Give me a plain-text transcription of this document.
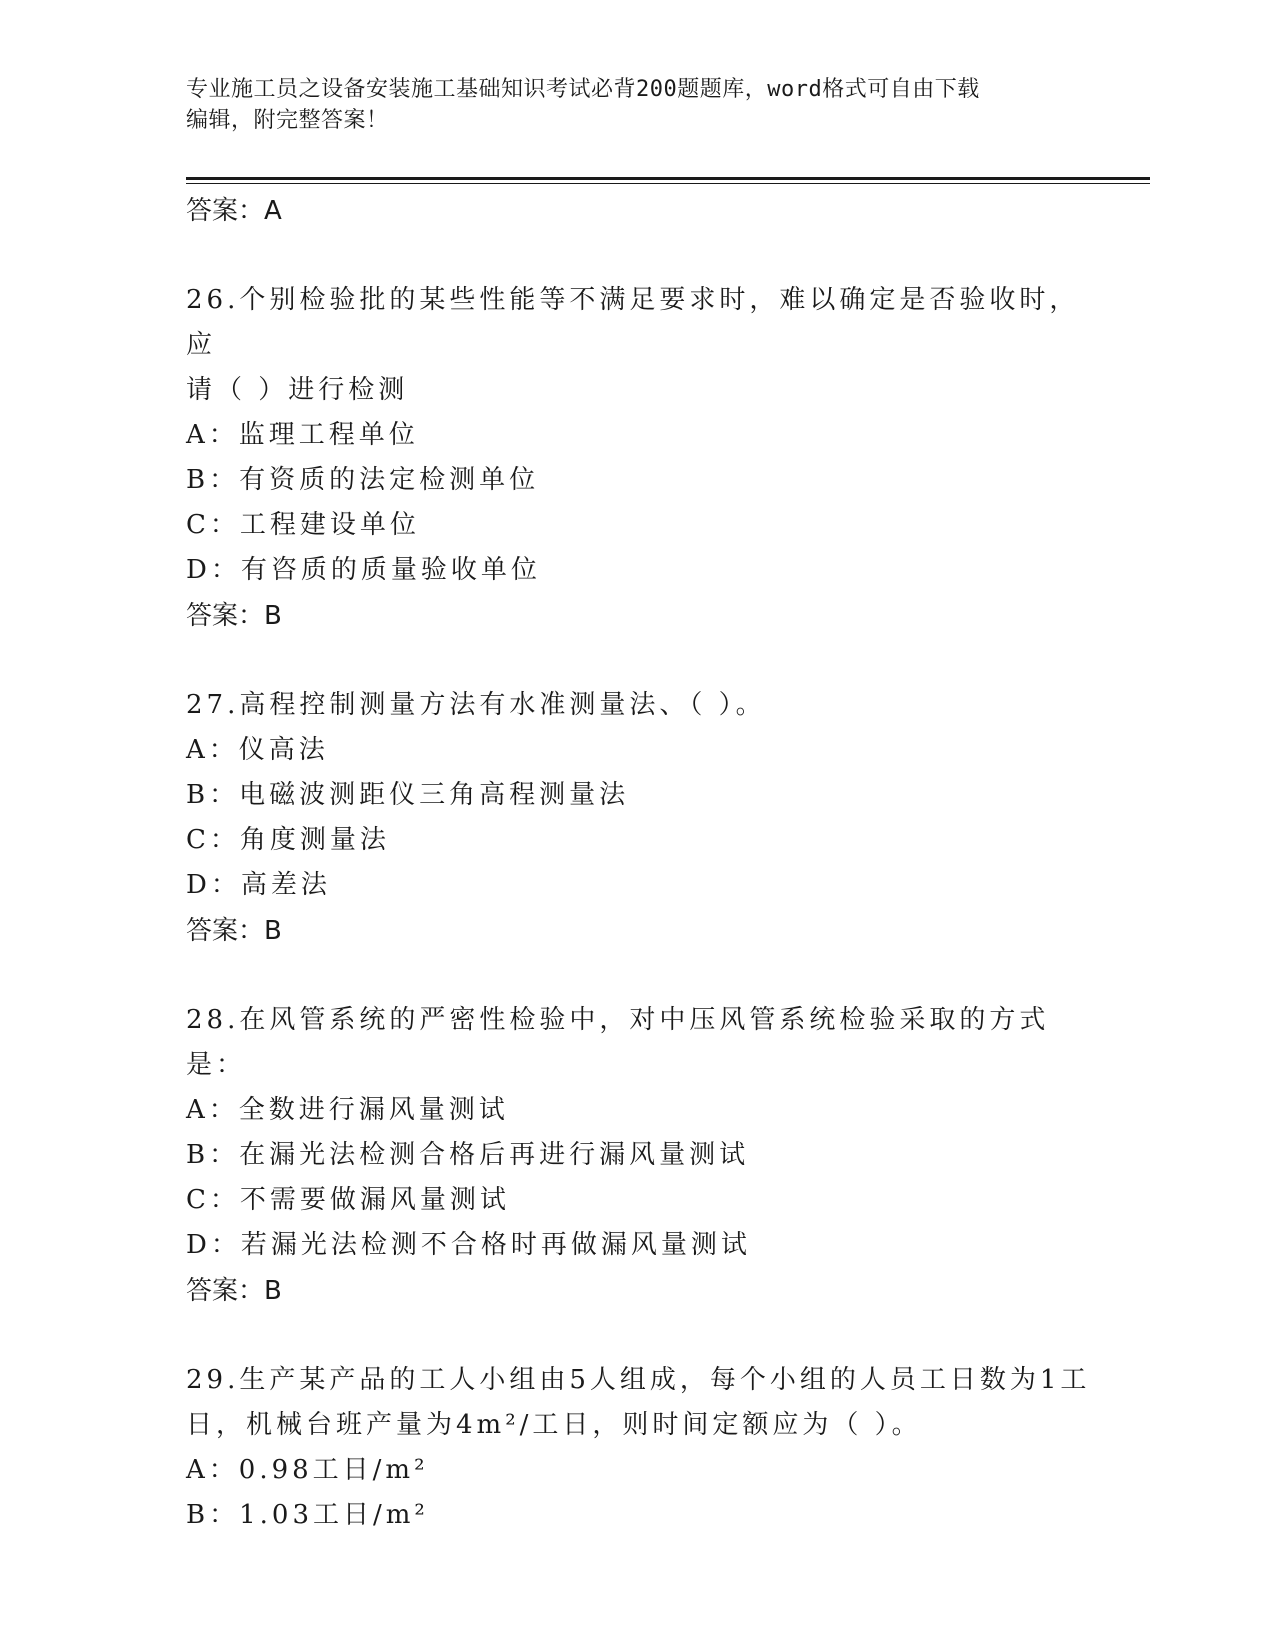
专业施工员之设备安装施工基础知识考试必背200题题库，word格式可自由下载
编辑，附完整答案！
答案：A
26.个别检验批的某些性能等不满足要求时，难以确定是否验收时，应
请（ ）进行检测
A：监理工程单位
B：有资质的法定检测单位
C：工程建设单位
D：有咨质的质量验收单位
答案：B
27.高程控制测量方法有水准测量法、（ ）。
A：仪高法
B：电磁波测距仪三角高程测量法
C：角度测量法
D：高差法
答案：B
28.在风管系统的严密性检验中，对中压风管系统检验采取的方式是：
A：全数进行漏风量测试
B：在漏光法检测合格后再进行漏风量测试
C：不需要做漏风量测试
D：若漏光法检测不合格时再做漏风量测试
答案：B
29.生产某产品的工人小组由5人组成，每个小组的人员工日数为1工
日，机械台班产量为4m²/工日，则时间定额应为（ ）。
A：0.98工日/m²
B：1.03工日/m²
